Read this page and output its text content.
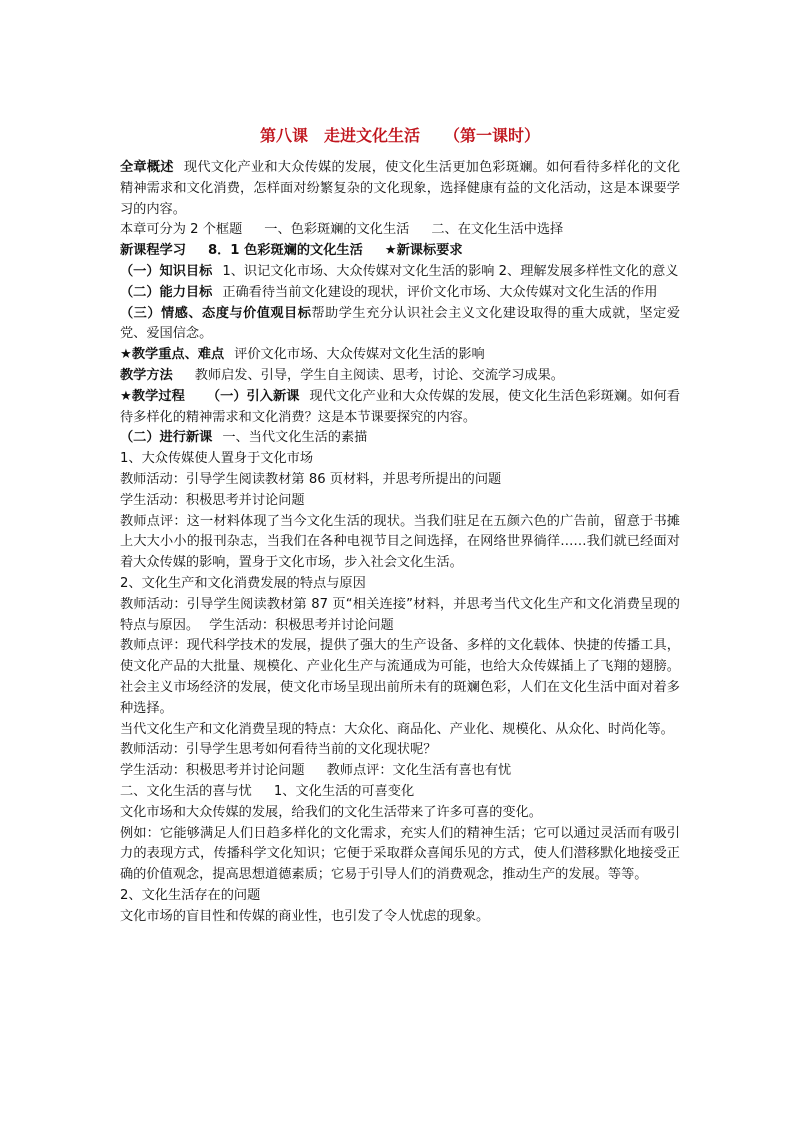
第八课　走进文化生活　　（第一课时）

全章概述 现代文化产业和大众传媒的发展，使文化生活更加色彩斑斓。如何看待多样化的文化精神需求和文化消费，怎样面对纷繁复杂的文化现象，选择健康有益的文化活动，这是本课要学习的内容。

本章可分为 2 个框题 一、色彩斑斓的文化生活 二、在文化生活中选择

新课程学习 8．1 色彩斑斓的文化生活 ★新课标要求

（一）知识目标 1、识记文化市场、大众传媒对文化生活的影响 2、理解发展多样性文化的意义

（二）能力目标 正确看待当前文化建设的现状，评价文化市场、大众传媒对文化生活的作用

（三）情感、态度与价值观目标帮助学生充分认识社会主义文化建设取得的重大成就，坚定爱党、爱国信念。

★教学重点、难点 评价文化市场、大众传媒对文化生活的影响

教学方法 教师启发、引导，学生自主阅读、思考，讨论、交流学习成果。

★教学过程 （一）引入新课 现代文化产业和大众传媒的发展，使文化生活色彩斑斓。如何看待多样化的精神需求和文化消费？这是本节课要探究的内容。

（二）进行新课 一、当代文化生活的素描

1、大众传媒使人置身于文化市场

教师活动：引导学生阅读教材第 86 页材料，并思考所提出的问题

学生活动：积极思考并讨论问题

教师点评：这一材料体现了当今文化生活的现状。当我们驻足在五颜六色的广告前，留意于书摊上大大小小的报刊杂志，当我们在各种电视节目之间选择，在网络世界徜徉……我们就已经面对着大众传媒的影响，置身于文化市场，步入社会文化生活。

2、文化生产和文化消费发展的特点与原因

教师活动：引导学生阅读教材第 87 页“相关连接”材料，并思考当代文化生产和文化消费呈现的特点与原因。 学生活动：积极思考并讨论问题

教师点评：现代科学技术的发展，提供了强大的生产设备、多样的文化载体、快捷的传播工具，使文化产品的大批量、规模化、产业化生产与流通成为可能，也给大众传媒插上了飞翔的翅膀。社会主义市场经济的发展，使文化市场呈现出前所未有的斑斓色彩，人们在文化生活中面对着多种选择。

当代文化生产和文化消费呈现的特点：大众化、商品化、产业化、规模化、从众化、时尚化等。

教师活动：引导学生思考如何看待当前的文化现状呢？

学生活动：积极思考并讨论问题 教师点评：文化生活有喜也有忧

二、文化生活的喜与忧 1、文化生活的可喜变化

文化市场和大众传媒的发展，给我们的文化生活带来了许多可喜的变化。

例如：它能够满足人们日趋多样化的文化需求，充实人们的精神生活；它可以通过灵活而有吸引力的表现方式，传播科学文化知识；它便于采取群众喜闻乐见的方式，使人们潜移默化地接受正确的价值观念，提高思想道德素质；它易于引导人们的消费观念，推动生产的发展。等等。

2、文化生活存在的问题

文化市场的盲目性和传媒的商业性，也引发了令人忧虑的现象。
